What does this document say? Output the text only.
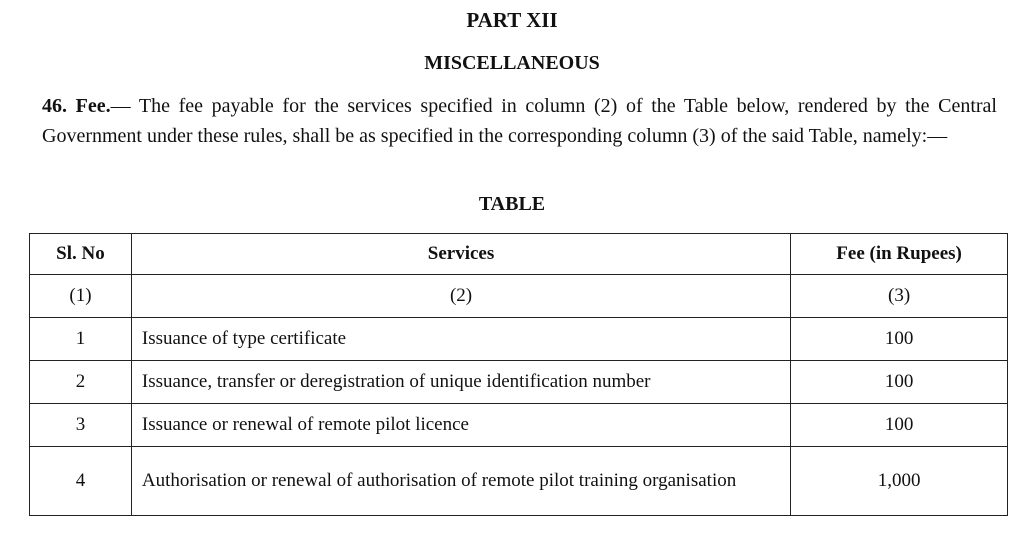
PART XII
MISCELLANEOUS

46. Fee.— The fee payable for the services specified in column (2) of the Table below, rendered by the Central Government under these rules, shall be as specified in the corresponding column (3) of the said Table, namely:—

TABLE
Sl. No	Services	Fee (in Rupees)
(1)	(2)	(3)
1	Issuance of type certificate	100
2	Issuance, transfer or deregistration of unique identification number	100
3	Issuance or renewal of remote pilot licence	100
4	Authorisation or renewal of authorisation of remote pilot training organisation	1,000
